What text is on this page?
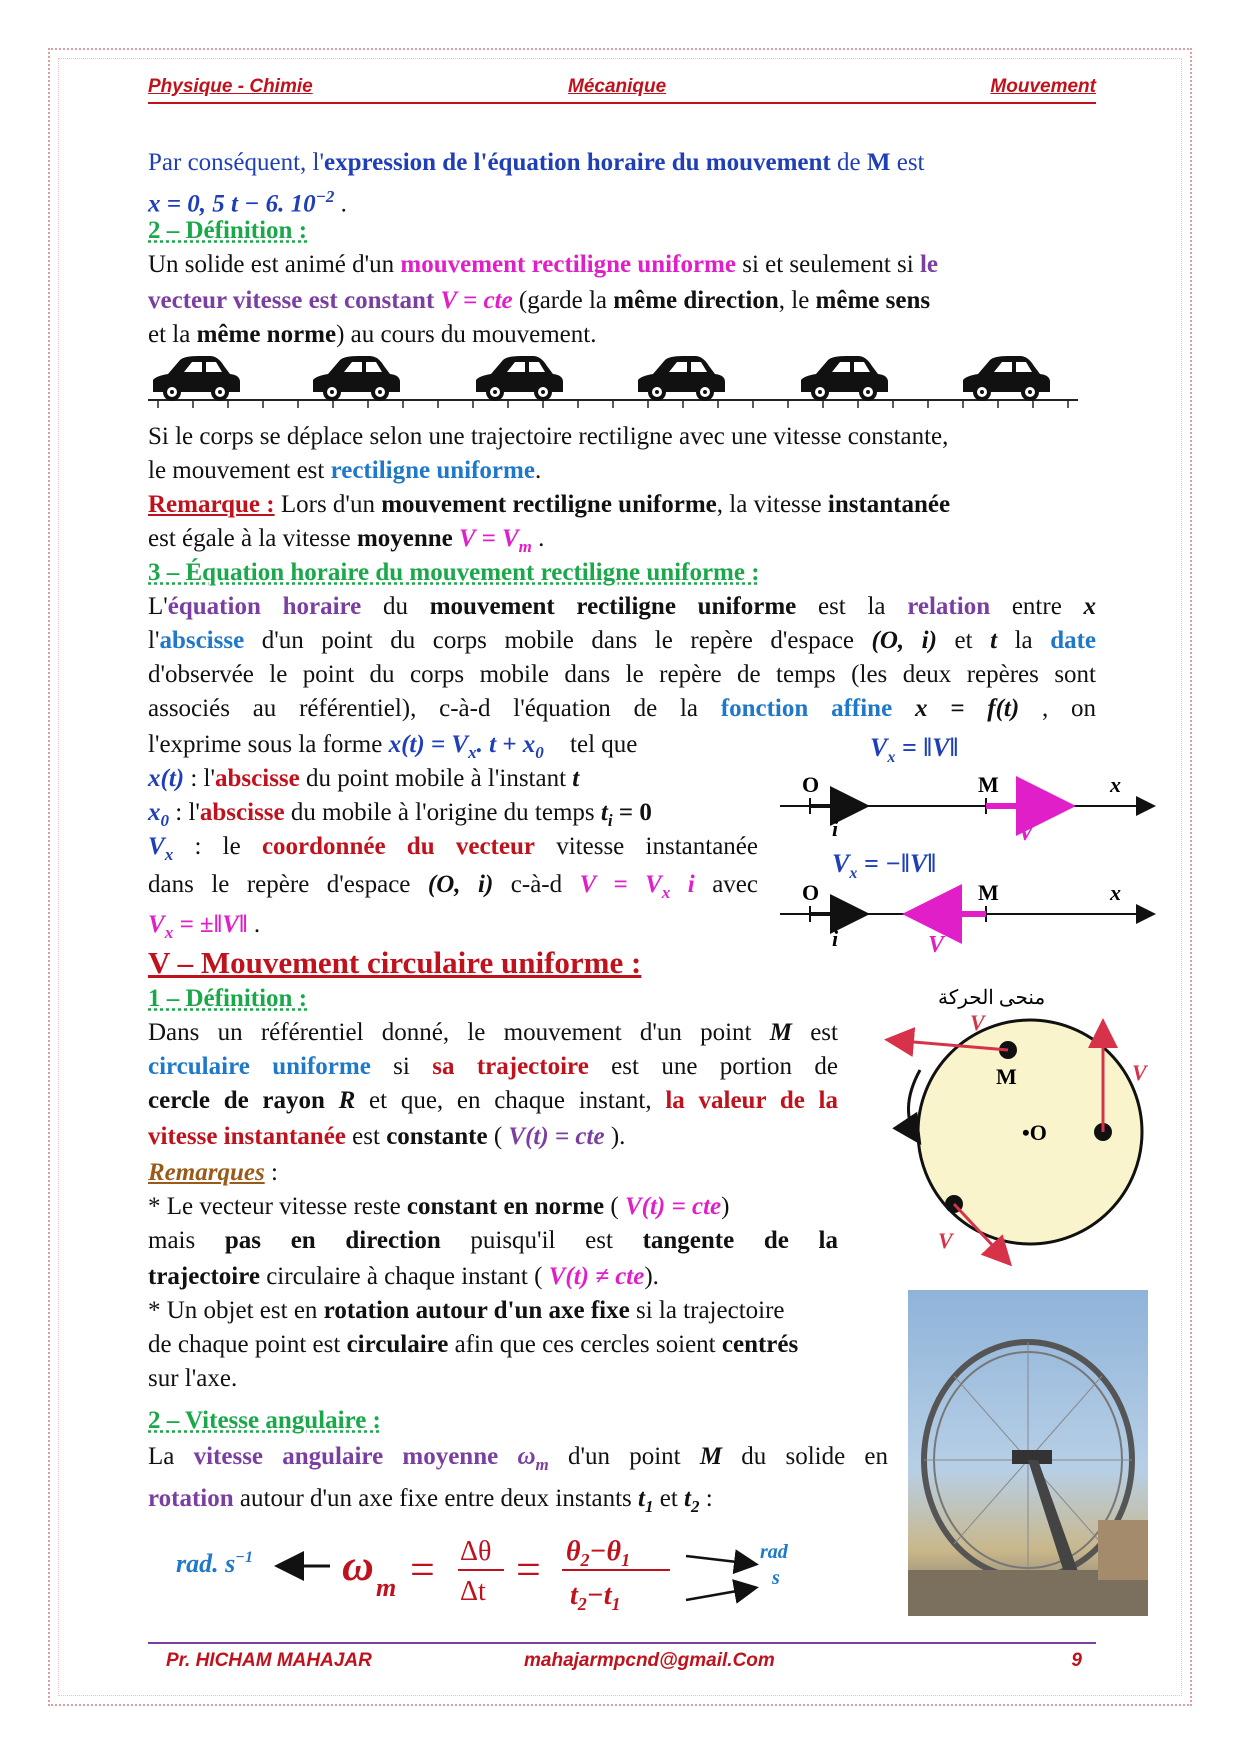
Physique - Chimie	Mécanique	Mouvement
Par conséquent, l'expression de l'équation horaire du mouvement de M est
x = 0, 5 t − 6. $10^{-2}$ .
2 – Définition :
Un solide est animé d'un mouvement rectiligne uniforme si et seulement si le
vecteur vitesse est constant V = cte (garde la même direction, le même sens
et la même norme) au cours du mouvement.
Si le corps se déplace selon une trajectoire rectiligne avec une vitesse constante,
le mouvement est rectiligne uniforme.
Remarque : Lors d'un mouvement rectiligne uniforme, la vitesse instantanée
est égale à la vitesse moyenne $V = V_m$ .
3 – Équation horaire du mouvement rectiligne uniforme :
L'équation horaire du mouvement rectiligne uniforme est la relation entre x
l'abscisse d'un point du corps mobile dans le repère d'espace (O, i) et t la date
d'observée le point du corps mobile dans le repère de temps (les deux repères sont
associés au référentiel), c-à-d l'équation de la fonction affine x = f(t) , on
l'exprime sous la forme $x(t) = V_x$. $t + x_0$ tel que
x(t) : l'abscisse du point mobile à l'instant t
$x_0$ : l'abscisse du mobile à l'origine du temps $t_i = 0$
$V_x$ : le coordonnée du vecteur vitesse instantanée
dans le repère d'espace (O, i) c-à-d $V = V_x$ i avec
$V_x$ = ±‖V‖ .
$V_x$ = ‖V‖
O	M	x
i	V
$V_x$ = −‖V‖
O	M	x
i	V
V – Mouvement circulaire uniforme :
1 – Définition :
Dans un référentiel donné, le mouvement d'un point M est
circulaire uniforme si sa trajectoire est une portion de
cercle de rayon R et que, en chaque instant, la valeur de la
vitesse instantanée est constante ( V(t) = cte ).
Remarques :
* Le vecteur vitesse reste constant en norme ( V(t) = cte)
mais pas en direction puisqu'il est tangente de la
trajectoire circulaire à chaque instant ( V(t) ≠ cte).
* Un objet est en rotation autour d'un axe fixe si la trajectoire
de chaque point est circulaire afin que ces cercles soient centrés
sur l'axe.
منحى الحركة
M
•O
V
V
V
2 – Vitesse angulaire :
La vitesse angulaire moyenne $\omega_m$ d'un point M du solide en
rotation autour d'un axe fixe entre deux instants $t_1$ et $t_2$ :
rad. $s^{-1}$ ω m = Δθ
$\Delta t = \theta_2-\theta_1$
$t_2-t_1$
rad
s
Pr. HICHAM MAHAJAR	mahajarmpcnd@gmail.Com	9
